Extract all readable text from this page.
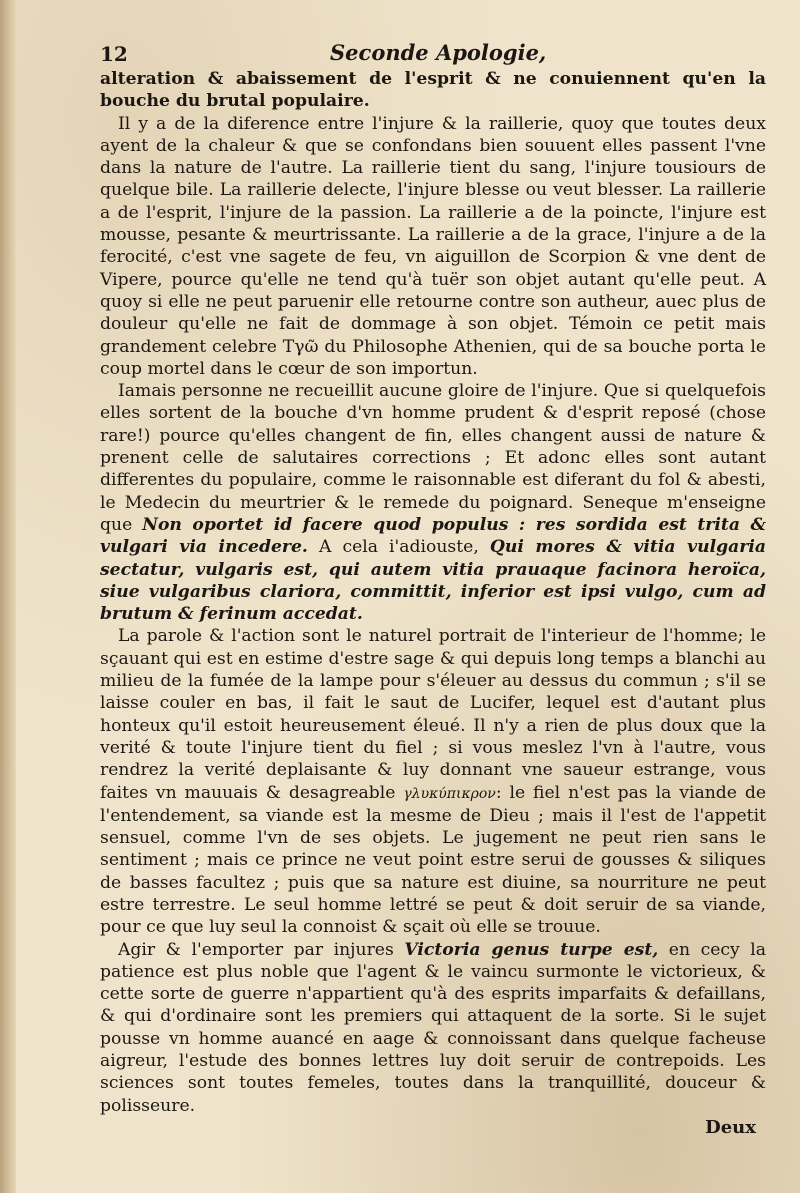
12	Seconde Apologie,

alteration & abaissement de l'esprit & ne conuiennent qu'en la bouche du brutal populaire.

Il y a de la diference entre l'injure & la raillerie, quoy que toutes deux ayent de la chaleur & que se confondans bien souuent elles passent l'vne dans la nature de l'autre. La raillerie tient du sang, l'injure tousiours de quelque bile. La raillerie delecte, l'injure blesse ou veut blesser. La raillerie a de l'esprit, l'injure de la passion. La raillerie a de la poincte, l'injure est mousse, pesante & meurtrissante. La raillerie a de la grace, l'injure a de la ferocité, c'est vne sagete de feu, vn aiguillon de Scorpion & vne dent de Vipere, pource qu'elle ne tend qu'à tuër son objet autant qu'elle peut. A quoy si elle ne peut paruenir elle retourne contre son autheur, auec plus de douleur qu'elle ne fait de dommage à son objet. Témoin ce petit mais grandement celebre Τγῶ du Philosophe Athenien, qui de sa bouche porta le coup mortel dans le cœur de son importun.

Iamais personne ne recueillit aucune gloire de l'injure. Que si quelquefois elles sortent de la bouche d'vn homme prudent & d'esprit reposé (chose rare!) pource qu'elles changent de fin, elles changent aussi de nature & prenent celle de salutaires corrections ; Et adonc elles sont autant differentes du populaire, comme le raisonnable est diferant du fol & abesti, le Medecin du meurtrier & le remede du poignard. Seneque m'enseigne que Non oportet id facere quod populus : res sordida est trita & vulgari via incedere. A cela i'adiouste, Qui mores & vitia vulgaria sectatur, vulgaris est, qui autem vitia prauaque facinora heroïca, siue vulgaribus clariora, committit, inferior est ipsi vulgo, cum ad brutum & ferinum accedat.

La parole & l'action sont le naturel portrait de l'interieur de l'homme; le sçauant qui est en estime d'estre sage & qui depuis long temps a blanchi au milieu de la fumée de la lampe pour s'éleuer au dessus du commun ; s'il se laisse couler en bas, il fait le saut de Lucifer, lequel est d'autant plus honteux qu'il estoit heureusement éleué. Il n'y a rien de plus doux que la verité & toute l'injure tient du fiel ; si vous meslez l'vn à l'autre, vous rendrez la verité deplaisante & luy donnant vne saueur estrange, vous faites vn mauuais & desagreable γλυκύπικρον: le fiel n'est pas la viande de l'entendement, sa viande est la mesme de Dieu ; mais il l'est de l'appetit sensuel, comme l'vn de ses objets. Le jugement ne peut rien sans le sentiment ; mais ce prince ne veut point estre serui de gousses & siliques de basses facultez ; puis que sa nature est diuine, sa nourriture ne peut estre terrestre. Le seul homme lettré se peut & doit seruir de sa viande, pour ce que luy seul la connoist & sçait où elle se trouue.

Agir & l'emporter par injures Victoria genus turpe est, en cecy la patience est plus noble que l'agent & le vaincu surmonte le victorieux, & cette sorte de guerre n'appartient qu'à des esprits imparfaits & defaillans, & qui d'ordinaire sont les premiers qui attaquent de la sorte. Si le sujet pousse vn homme auancé en aage & connoissant dans quelque facheuse aigreur, l'estude des bonnes lettres luy doit seruir de contrepoids. Les sciences sont toutes femeles, toutes dans la tranquillité, douceur & polisseure.

Deux
